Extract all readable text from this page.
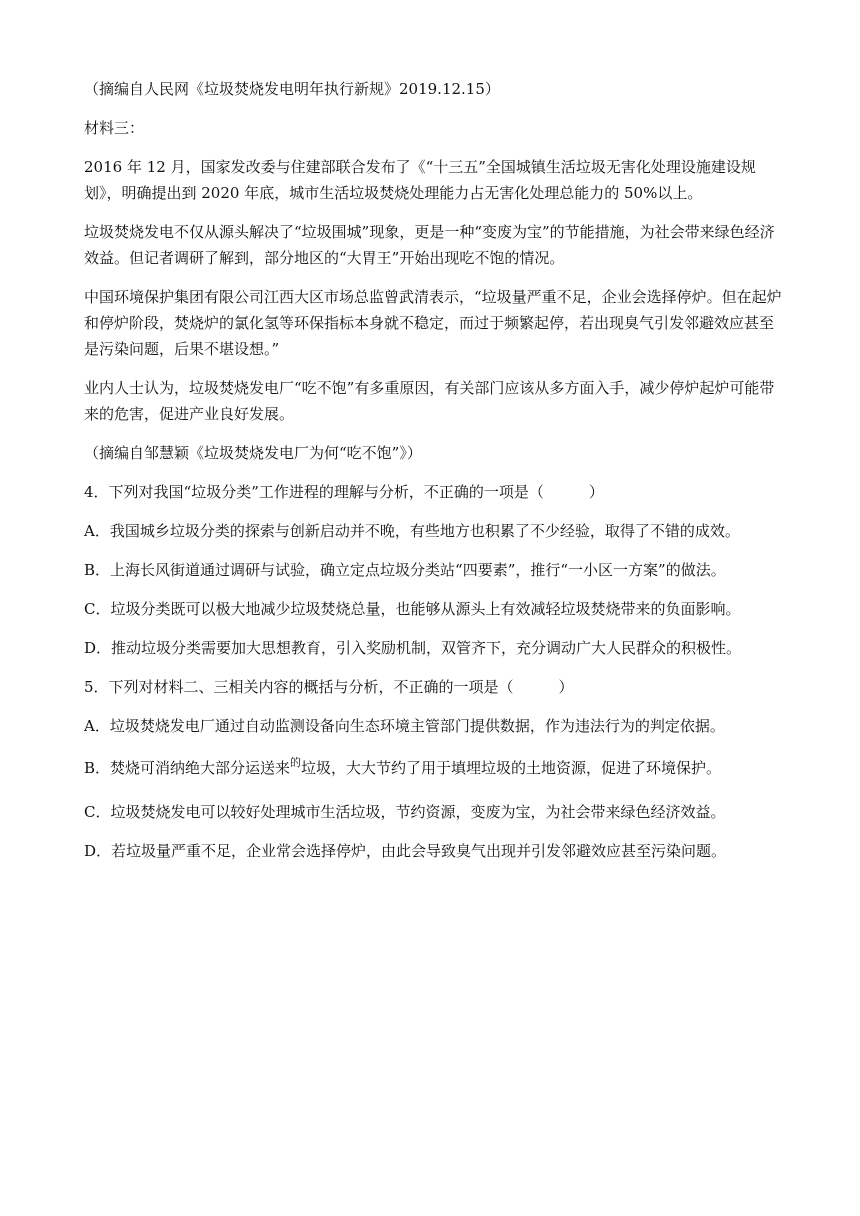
（摘编自人民网《垃圾焚烧发电明年执行新规》2019.12.15）

材料三：

2016 年 12 月，国家发改委与住建部联合发布了《“十三五”全国城镇生活垃圾无害化处理设施建设规划》，明确提出到 2020 年底，城市生活垃圾焚烧处理能力占无害化处理总能力的 50%以上。

垃圾焚烧发电不仅从源头解决了“垃圾围城”现象，更是一种“变废为宝”的节能措施，为社会带来绿色经济效益。但记者调研了解到，部分地区的“大胃王”开始出现吃不饱的情况。

中国环境保护集团有限公司江西大区市场总监曾武清表示，“垃圾量严重不足，企业会选择停炉。但在起炉和停炉阶段，焚烧炉的氯化氢等环保指标本身就不稳定，而过于频繁起停，若出现臭气引发邻避效应甚至是污染问题，后果不堪设想。”

业内人士认为，垃圾焚烧发电厂“吃不饱”有多重原因，有关部门应该从多方面入手，减少停炉起炉可能带来的危害，促进产业良好发展。

（摘编自邹慧颖《垃圾焚烧发电厂为何“吃不饱”》）

4．下列对我国“垃圾分类”工作进程的理解与分析，不正确的一项是（　　　）

A．我国城乡垃圾分类的探索与创新启动并不晚，有些地方也积累了不少经验，取得了不错的成效。

B．上海长风街道通过调研与试验，确立定点垃圾分类站“四要素”，推行“一小区一方案”的做法。

C．垃圾分类既可以极大地减少垃圾焚烧总量，也能够从源头上有效减轻垃圾焚烧带来的负面影响。

D．推动垃圾分类需要加大思想教育，引入奖励机制，双管齐下，充分调动广大人民群众的积极性。

5．下列对材料二、三相关内容的概括与分析，不正确的一项是（　　　）

A．垃圾焚烧发电厂通过自动监测设备向生态环境主管部门提供数据，作为违法行为的判定依据。

B．焚烧可消纳绝大部分运送来的垃圾，大大节约了用于填埋垃圾的土地资源，促进了环境保护。

C．垃圾焚烧发电可以较好处理城市生活垃圾，节约资源，变废为宝，为社会带来绿色经济效益。

D．若垃圾量严重不足，企业常会选择停炉，由此会导致臭气出现并引发邻避效应甚至污染问题。
